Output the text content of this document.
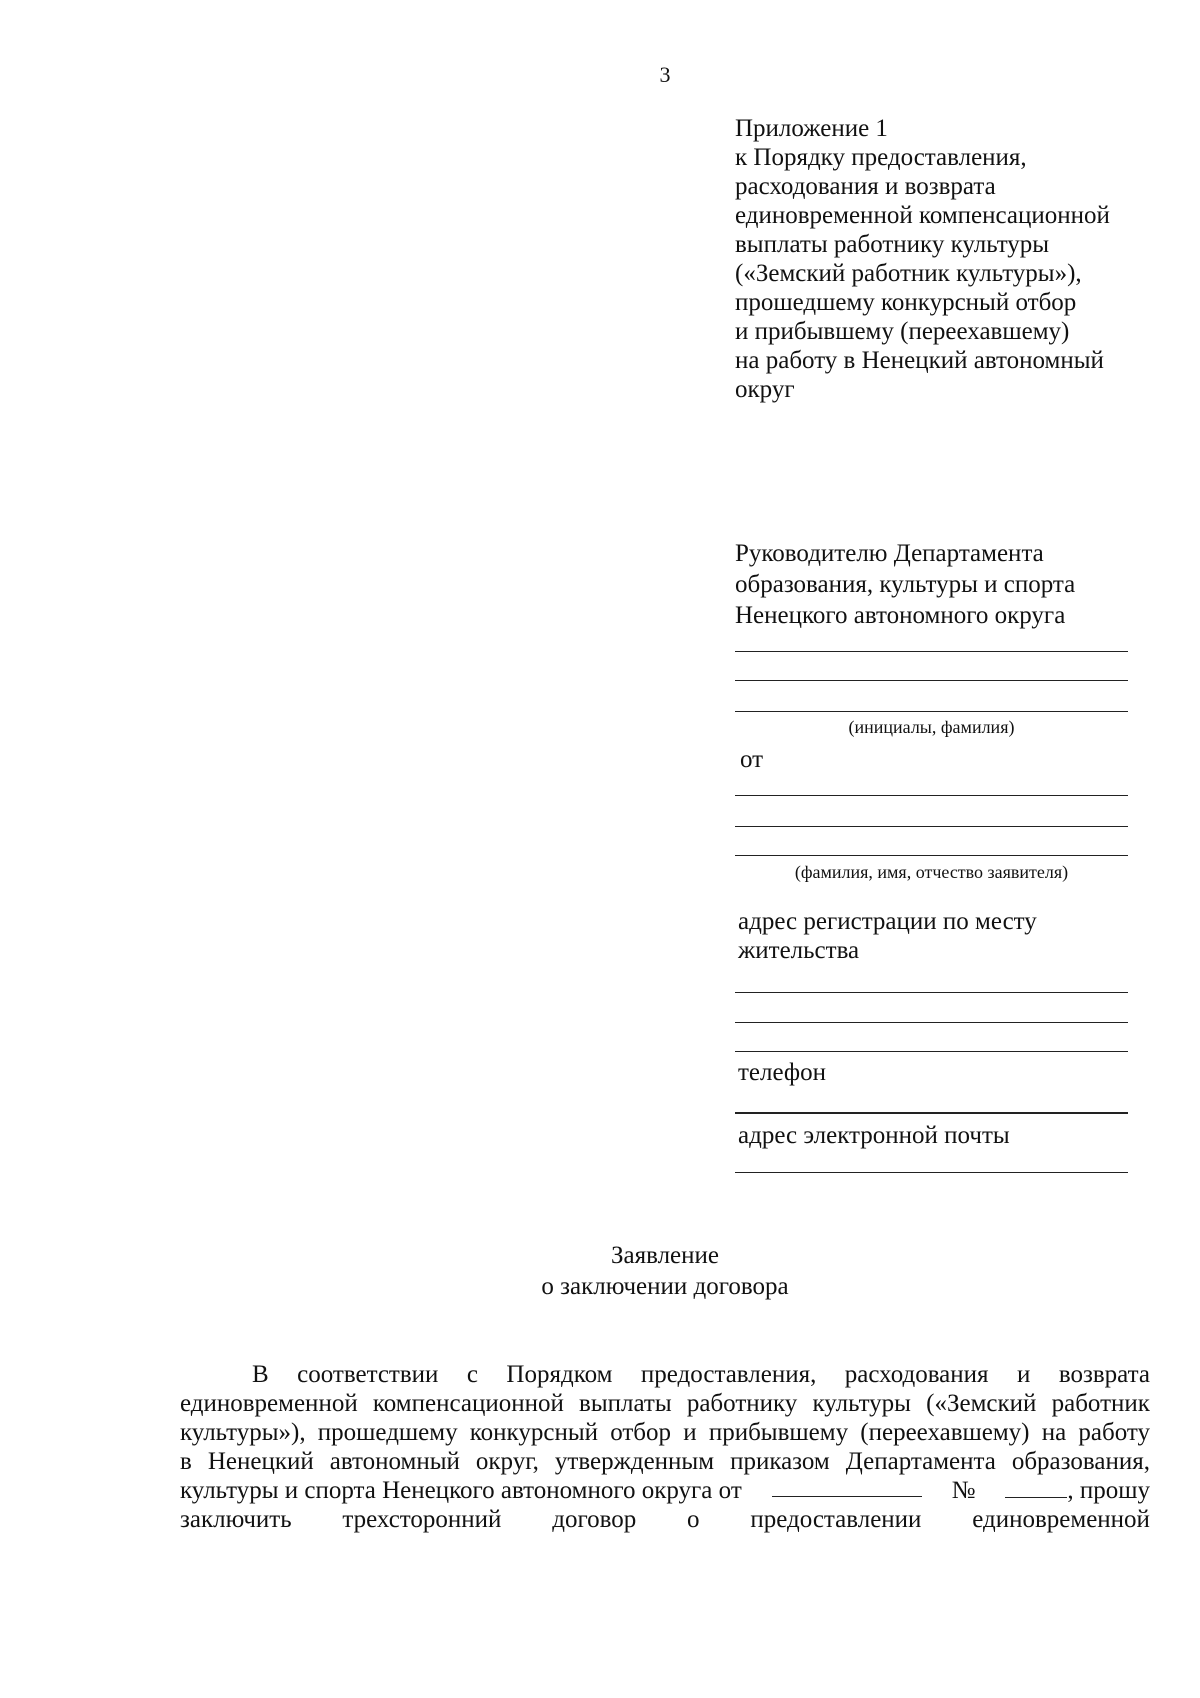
3
Приложение 1
к Порядку предоставления,
расходования и возврата
единовременной компенсационной
выплаты работнику культуры
(«Земский работник культуры»),
прошедшему конкурсный отбор
и прибывшему (переехавшему)
на работу в Ненецкий автономный
округ
Руководителю Департамента
образования, культуры и спорта
Ненецкого автономного округа
(инициалы, фамилия)
от
(фамилия, имя, отчество заявителя)
адрес регистрации по месту
жительства
телефон
адрес электронной почты
Заявление
о заключении договора
В соответствии с Порядком предоставления, расходования и возврата
единовременной компенсационной выплаты работнику культуры («Земский работник
культуры»), прошедшему конкурсный отбор и прибывшему (переехавшему) на работу
в Ненецкий автономный округ, утвержденным приказом Департамента образования,
культуры и спорта Ненецкого автономного округа от	№	, прошу
заключить трехсторонний договор о предоставлении единовременной
